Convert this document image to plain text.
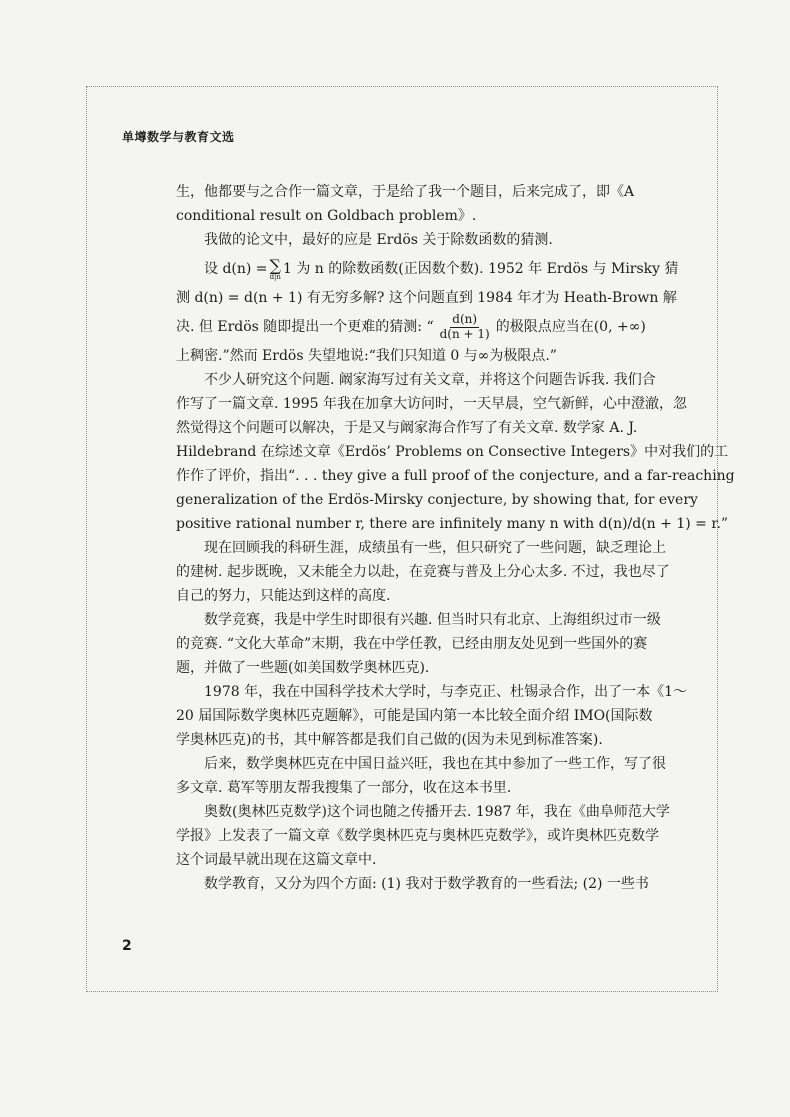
单墫数学与教育文选

生，他都要与之合作一篇文章，于是给了我一个题目，后来完成了，即《A
conditional result on Goldbach problem》.

我做的论文中，最好的应是 Erdös 关于除数函数的猜测.

设 d(n) = ∑
d|n 1 为 n 的除数函数(正因数个数). 1952 年 Erdös 与 Mirsky 猜
测 d(n) = d(n + 1) 有无穷多解? 这个问题直到 1984 年才为 Heath-Brown 解
决. 但 Erdös 随即提出一个更难的猜测: “ $\frac{d(n)}{d(n + 1)}$ 的极限点应当在(0, +∞)
上稠密.”然而 Erdös 失望地说:“我们只知道 0 与∞为极限点.”

不少人研究这个问题. 阚家海写过有关文章，并将这个问题告诉我. 我们合
作写了一篇文章. 1995 年我在加拿大访问时，一天早晨，空气新鲜，心中澄澈，忽
然觉得这个问题可以解决，于是又与阚家海合作写了有关文章. 数学家 A. J.
Hildebrand 在综述文章《Erdös’ Problems on Consective Integers》中对我们的工
作作了评价，指出“. . . they give a full proof of the conjecture, and a far-reaching
generalization of the Erdös-Mirsky conjecture, by showing that, for every
positive rational number r, there are infinitely many n with d(n)/d(n + 1) = r.”

现在回顾我的科研生涯，成绩虽有一些，但只研究了一些问题，缺乏理论上
的建树. 起步既晚，又未能全力以赴，在竞赛与普及上分心太多. 不过，我也尽了
自己的努力，只能达到这样的高度.

数学竞赛，我是中学生时即很有兴趣. 但当时只有北京、上海组织过市一级
的竞赛. “文化大革命”末期，我在中学任教，已经由朋友处见到一些国外的赛
题，并做了一些题(如美国数学奥林匹克).

1978 年，我在中国科学技术大学时，与李克正、杜锡录合作，出了一本《1～
20 届国际数学奥林匹克题解》，可能是国内第一本比较全面介绍 IMO(国际数
学奥林匹克)的书，其中解答都是我们自己做的(因为未见到标准答案).

后来，数学奥林匹克在中国日益兴旺，我也在其中参加了一些工作，写了很
多文章. 葛军等朋友帮我搜集了一部分，收在这本书里.

奥数(奥林匹克数学)这个词也随之传播开去. 1987 年，我在《曲阜师范大学
学报》上发表了一篇文章《数学奥林匹克与奥林匹克数学》，或许奥林匹克数学
这个词最早就出现在这篇文章中.

数学教育，又分为四个方面: (1) 我对于数学教育的一些看法; (2) 一些书

2
